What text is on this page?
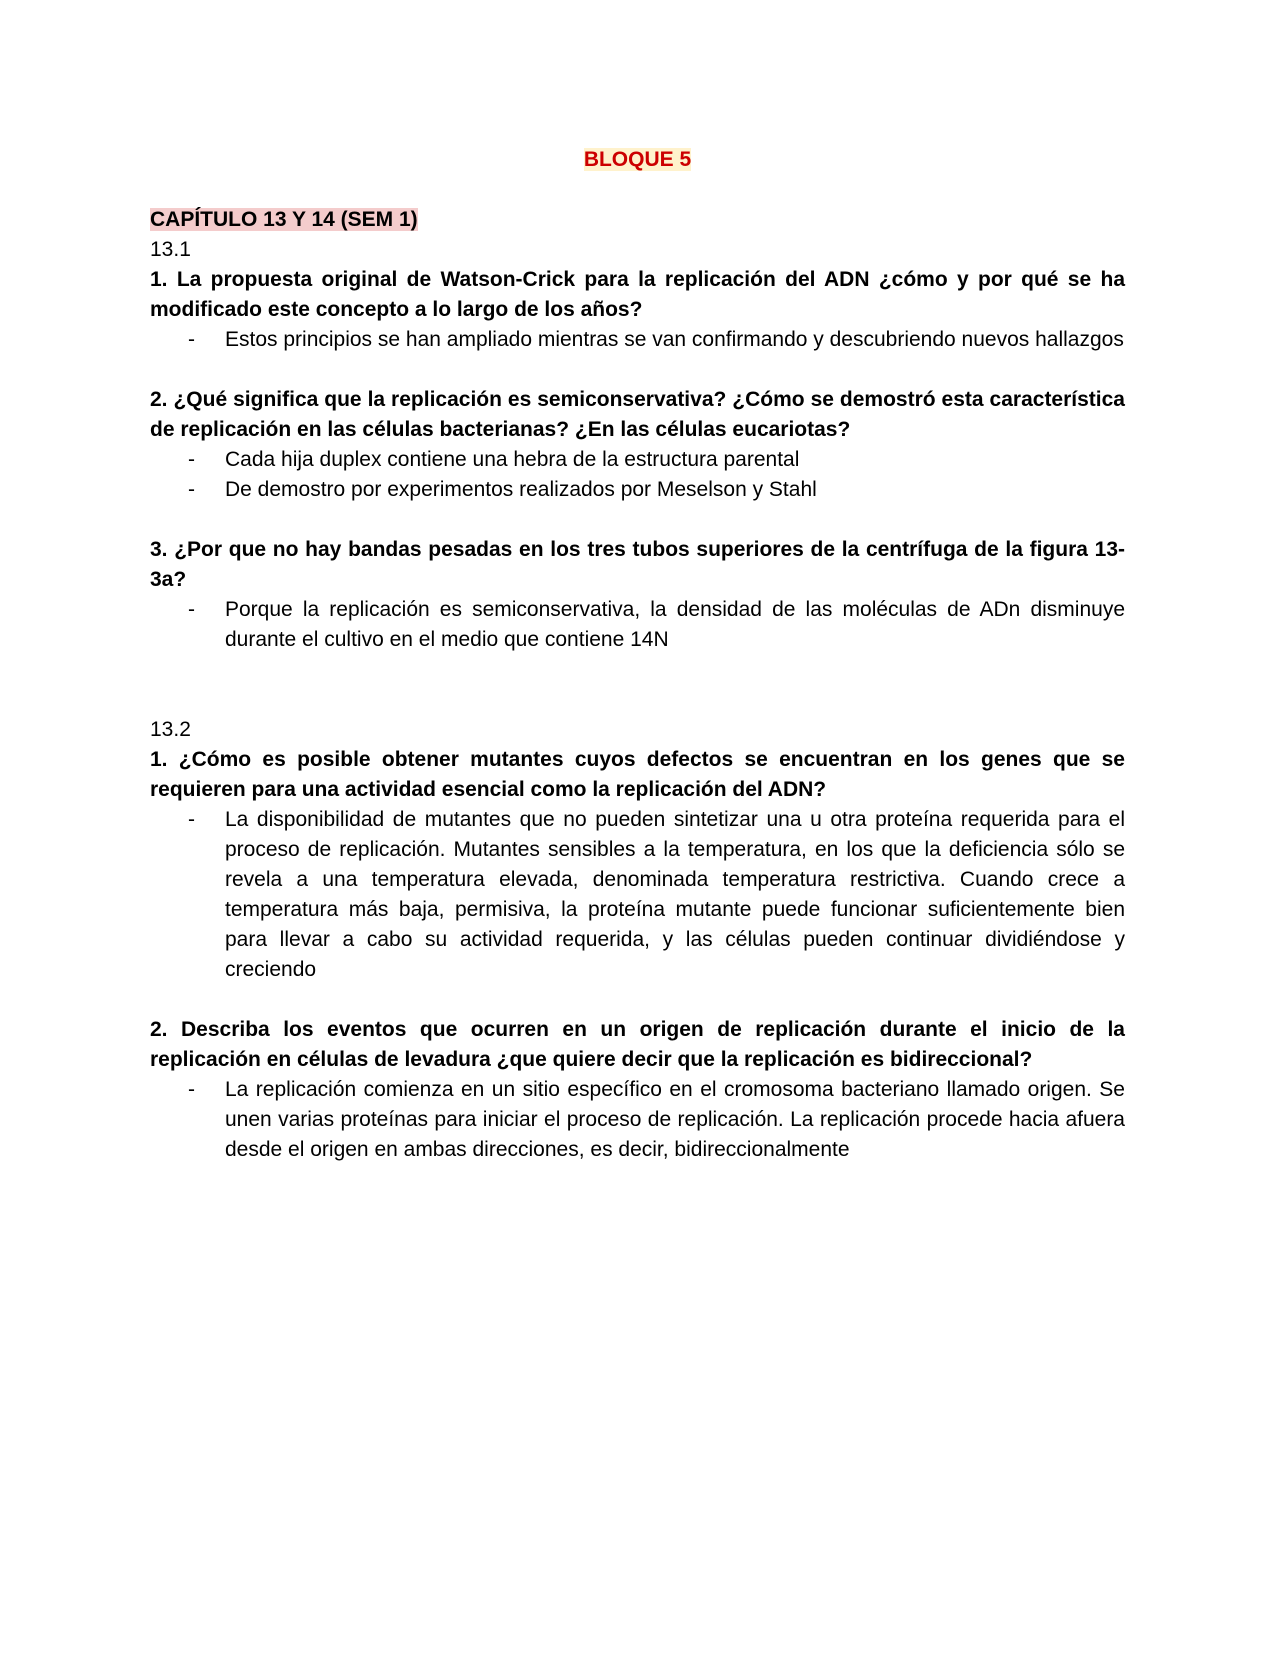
BLOQUE 5

CAPÍTULO 13 Y 14 (SEM 1)

13.1

1. La propuesta original de Watson-Crick para la replicación del ADN ¿cómo y por qué se ha modificado este concepto a lo largo de los años?

- Estos principios se han ampliado mientras se van confirmando y descubriendo nuevos hallazgos

2. ¿Qué significa que la replicación es semiconservativa? ¿Cómo se demostró esta característica de replicación en las células bacterianas? ¿En las células eucariotas?

- Cada hija duplex contiene una hebra de la estructura parental
- De demostro por experimentos realizados por Meselson y Stahl

3. ¿Por que no hay bandas pesadas en los tres tubos superiores de la centrífuga de la figura 13-3a?

- Porque la replicación es semiconservativa, la densidad de las moléculas de ADn disminuye durante el cultivo en el medio que contiene 14N

13.2

1. ¿Cómo es posible obtener mutantes cuyos defectos se encuentran en los genes que se requieren para una actividad esencial como la replicación del ADN?

- La disponibilidad de mutantes que no pueden sintetizar una u otra proteína requerida para el proceso de replicación. Mutantes sensibles a la temperatura, en los que la deficiencia sólo se revela a una temperatura elevada, denominada temperatura restrictiva. Cuando crece a temperatura más baja, permisiva, la proteína mutante puede funcionar suficientemente bien para llevar a cabo su actividad requerida, y las células pueden continuar dividiéndose y creciendo

2. Describa los eventos que ocurren en un origen de replicación durante el inicio de la replicación en células de levadura ¿que quiere decir que la replicación es bidireccional?

- La replicación comienza en un sitio específico en el cromosoma bacteriano llamado origen. Se unen varias proteínas para iniciar el proceso de replicación. La replicación procede hacia afuera desde el origen en ambas direcciones, es decir, bidireccionalmente
